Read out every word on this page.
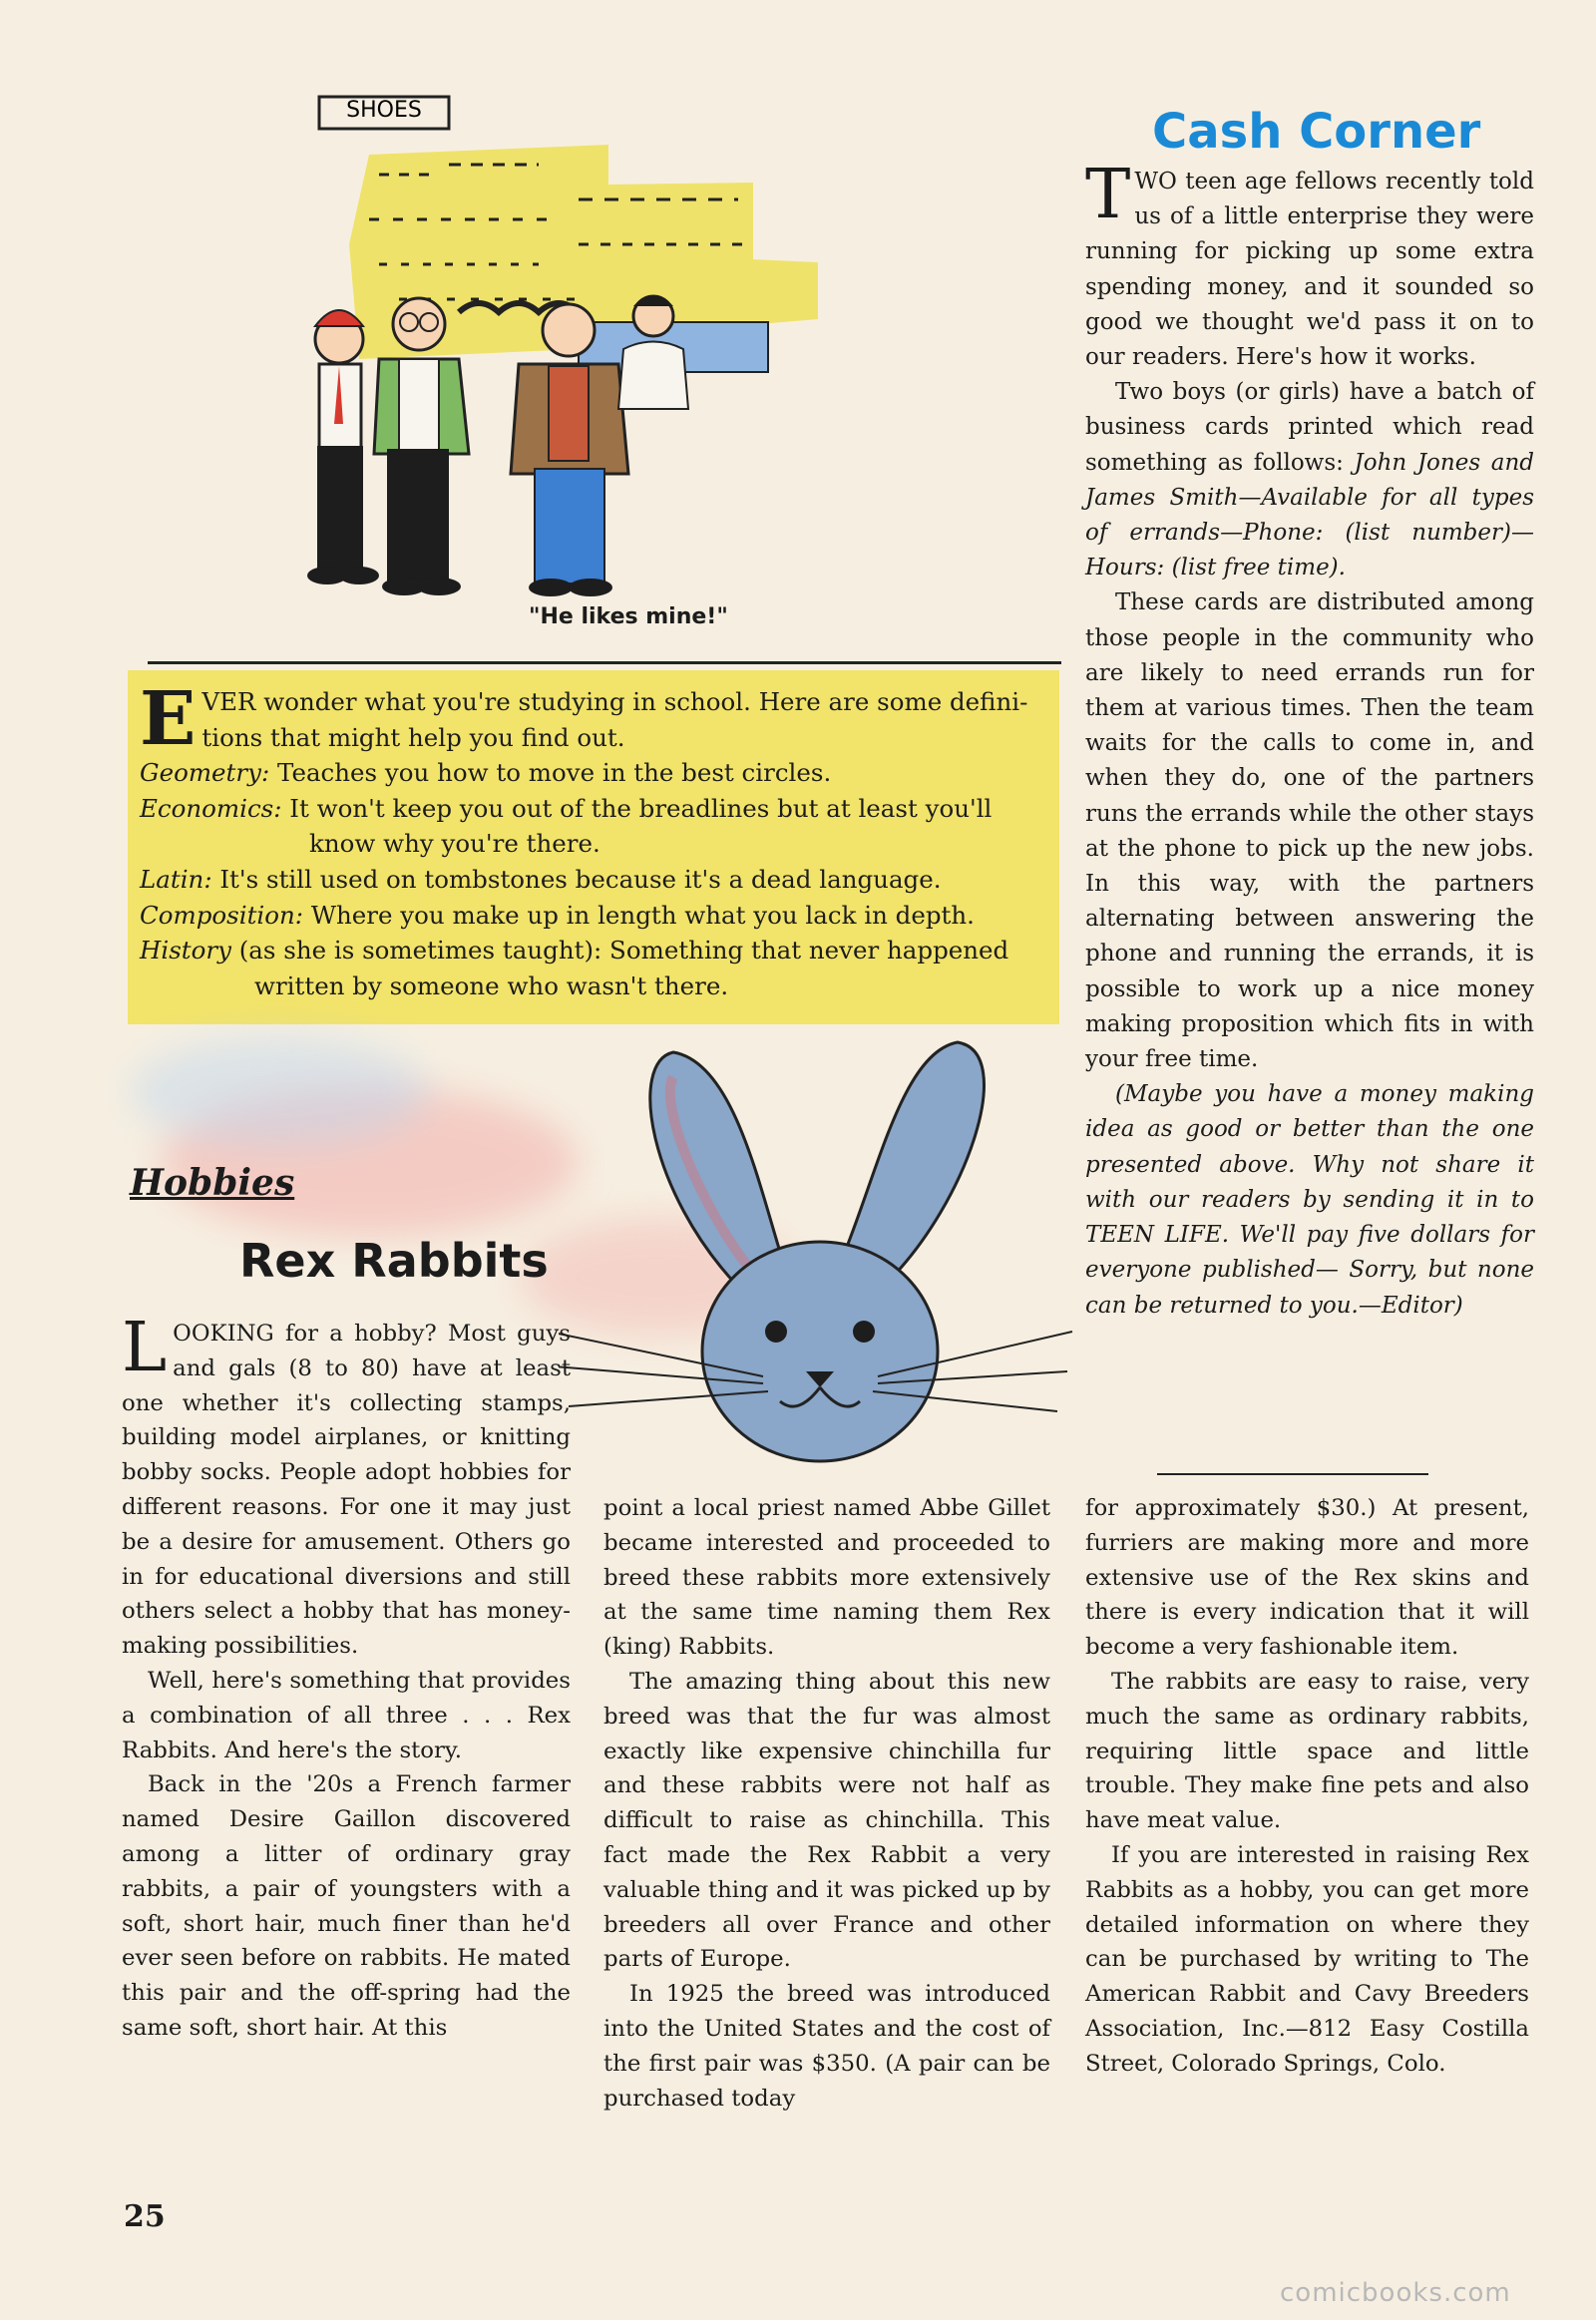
SHOES
"He likes mine!"
E VER wonder what you're studying in school. Here are some defini-
tions that might help you find out.
Geometry: Teaches you how to move in the best circles.
Economics: It won't keep you out of the breadlines but at least you'll
know why you're there.
Latin: It's still used on tombstones because it's a dead language.
Composition: Where you make up in length what you lack in depth.
History (as she is sometimes taught): Something that never happened
written by someone who wasn't there.
Cash Corner

TWO teen age fellows recently told us of a little enterprise they were running for picking up some extra spending money, and it sounded so good we thought we'd pass it on to our readers. Here's how it works.

Two boys (or girls) have a batch of business cards printed which read something as follows: John Jones and James Smith—Available for all types of errands—Phone: (list number)—Hours: (list free time).

These cards are distributed among those people in the community who are likely to need errands run for them at various times. Then the team waits for the calls to come in, and when they do, one of the partners runs the errands while the other stays at the phone to pick up the new jobs. In this way, with the partners alternating between answering the phone and running the errands, it is possible to work up a nice money making proposition which fits in with your free time.

(Maybe you have a money making idea as good or better than the one presented above. Why not share it with our readers by sending it in to TEEN LIFE. We'll pay five dollars for everyone published— Sorry, but none can be returned to you.—Editor)

Hobbies
Rex Rabbits

LOOKING for a hobby? Most guys and gals (8 to 80) have at least one whether it's collecting stamps, building model airplanes, or knitting bobby socks. People adopt hobbies for different reasons. For one it may just be a desire for amusement. Others go in for educational diversions and still others select a hobby that has money-making possibilities.

Well, here's something that provides a combination of all three . . . Rex Rabbits. And here's the story.

Back in the '20s a French farmer named Desire Gaillon discovered among a litter of ordinary gray rabbits, a pair of youngsters with a soft, short hair, much finer than he'd ever seen before on rabbits. He mated this pair and the off-spring had the same soft, short hair. At this

point a local priest named Abbe Gillet became interested and proceeded to breed these rabbits more extensively at the same time naming them Rex (king) Rabbits.

The amazing thing about this new breed was that the fur was almost exactly like expensive chinchilla fur and these rabbits were not half as difficult to raise as chinchilla. This fact made the Rex Rabbit a very valuable thing and it was picked up by breeders all over France and other parts of Europe.

In 1925 the breed was introduced into the United States and the cost of the first pair was $350. (A pair can be purchased today

for approximately $30.) At present, furriers are making more and more extensive use of the Rex skins and there is every indication that it will become a very fashionable item.

The rabbits are easy to raise, very much the same as ordinary rabbits, requiring little space and little trouble. They make fine pets and also have meat value.

If you are interested in raising Rex Rabbits as a hobby, you can get more detailed information on where they can be purchased by writing to The American Rabbit and Cavy Breeders Association, Inc.—812 Easy Costilla Street, Colorado Springs, Colo.

25
comicbooks.com
